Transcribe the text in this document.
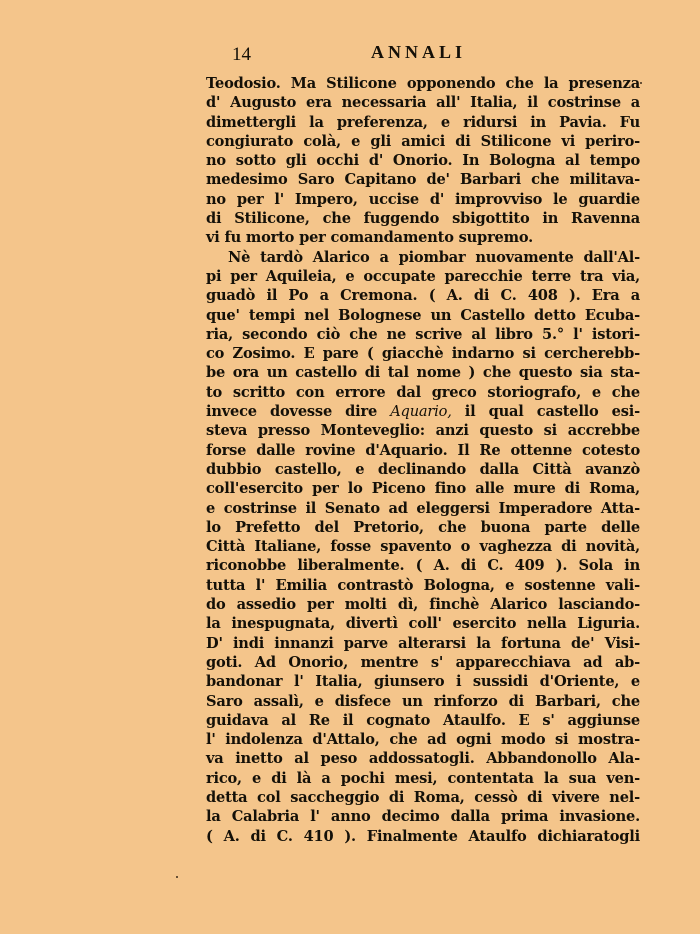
14	ANNALI
Teodosio. Ma Stilicone opponendo che la presenza
d' Augusto era necessaria all' Italia, il costrinse a
dimettergli la preferenza, e ridursi in Pavia. Fu
congiurato colà, e gli amici di Stilicone vi periro-
no sotto gli occhi d' Onorio. In Bologna al tempo
medesimo Saro Capitano de' Barbari che militava-
no per l' Impero, uccise d' improvviso le guardie
di Stilicone, che fuggendo sbigottito in Ravenna
vi fu morto per comandamento supremo.
Nè tardò Alarico a piombar nuovamente dall'Al-
pi per Aquileia, e occupate parecchie terre tra via,
guadò il Po a Cremona. ( A. di C. 408 ). Era a
que' tempi nel Bolognese un Castello detto Ecuba-
ria, secondo ciò che ne scrive al libro 5.° l' istori-
co Zosimo. E pare ( giacchè indarno si cercherebb-
be ora un castello di tal nome ) che questo sia sta-
to scritto con errore dal greco storiografo, e che
invece dovesse dire Aquario, il qual castello esi-
steva presso Monteveglio: anzi questo si accrebbe
forse dalle rovine d'Aquario. Il Re ottenne cotesto
dubbio castello, e declinando dalla Città avanzò
coll'esercito per lo Piceno fino alle mure di Roma,
e costrinse il Senato ad eleggersi Imperadore Atta-
lo Prefetto del Pretorio, che buona parte delle
Città Italiane, fosse spavento o vaghezza di novità,
riconobbe liberalmente. ( A. di C. 409 ). Sola in
tutta l' Emilia contrastò Bologna, e sostenne vali-
do assedio per molti dì, finchè Alarico lasciando-
la inespugnata, divertì coll' esercito nella Liguria.
D' indi innanzi parve alterarsi la fortuna de' Visi-
goti. Ad Onorio, mentre s' apparecchiava ad ab-
bandonar l' Italia, giunsero i sussidi d'Oriente, e
Saro assalì, e disfece un rinforzo di Barbari, che
guidava al Re il cognato Ataulfo. E s' aggiunse
l' indolenza d'Attalo, che ad ogni modo si mostra-
va inetto al peso addossatogli. Abbandonollo Ala-
rico, e di là a pochi mesi, contentata la sua ven-
detta col saccheggio di Roma, cessò di vivere nel-
la Calabria l' anno decimo dalla prima invasione.
( A. di C. 410 ). Finalmente Ataulfo dichiaratogli
